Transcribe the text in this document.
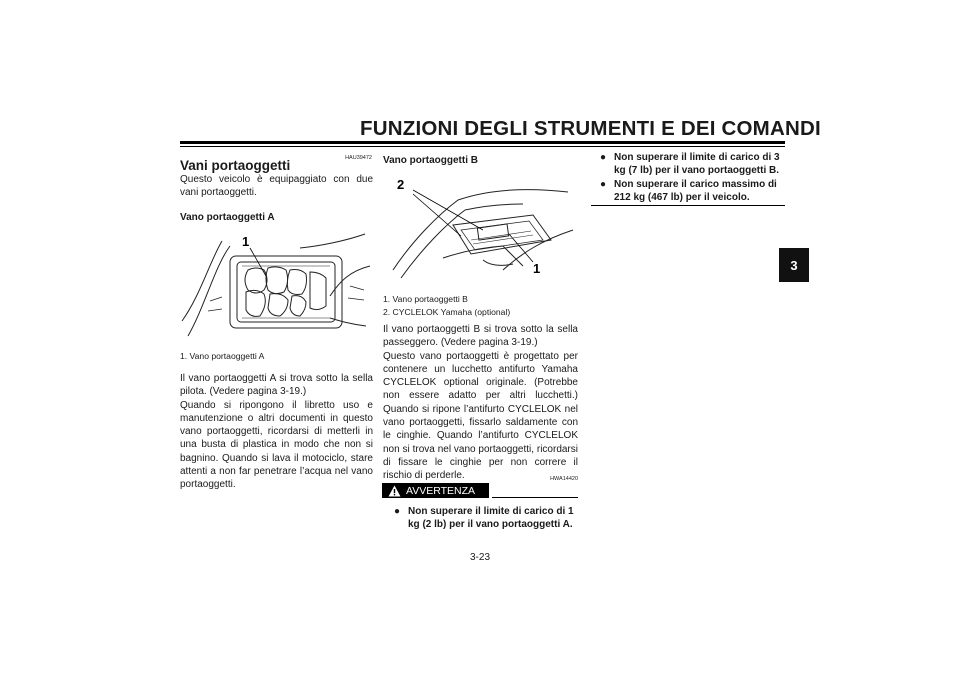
FUNZIONI DEGLI STRUMENTI E DEI COMANDI
3
HAU39472
Vani portaoggetti
Questo veicolo è equipaggiato con due vani portaoggetti.
Vano portaoggetti A
1
1. Vano portaoggetti A

Il vano portaoggetti A si trova sotto la sella pilota. (Vedere pagina 3-19.)

Quando si ripongono il libretto uso e manutenzione o altri documenti in questo vano portaoggetti, ricordarsi di metterli in una busta di plastica in modo che non si bagnino. Quando si lava il motociclo, stare attenti a non far penetrare l’acqua nel vano portaoggetti.

Vano portaoggetti B
2
1
1. Vano portaoggetti B
2. CYCLELOK Yamaha (optional)

Il vano portaoggetti B si trova sotto la sella passeggero. (Vedere pagina 3-19.)

Questo vano portaoggetti è progettato per contenere un lucchetto antifurto Yamaha CYCLELOK optional originale. (Potrebbe non essere adatto per altri lucchetti.) Quando si ripone l’antifurto CYCLELOK nel vano portaoggetti, fissarlo saldamente con le cinghie. Quando l’antifurto CYCLELOK non si trova nel vano portaoggetti, ricordarsi di fissare le cinghie per non correre il rischio di perderle.	HWA14420
AVVERTENZA
● Non superare il limite di carico di 1 kg (2 lb) per il vano portaoggetti A.
● Non superare il limite di carico di 3 kg (7 lb) per il vano portaoggetti B.
● Non superare il carico massimo di 212 kg (467 lb) per il veicolo.
3-23
